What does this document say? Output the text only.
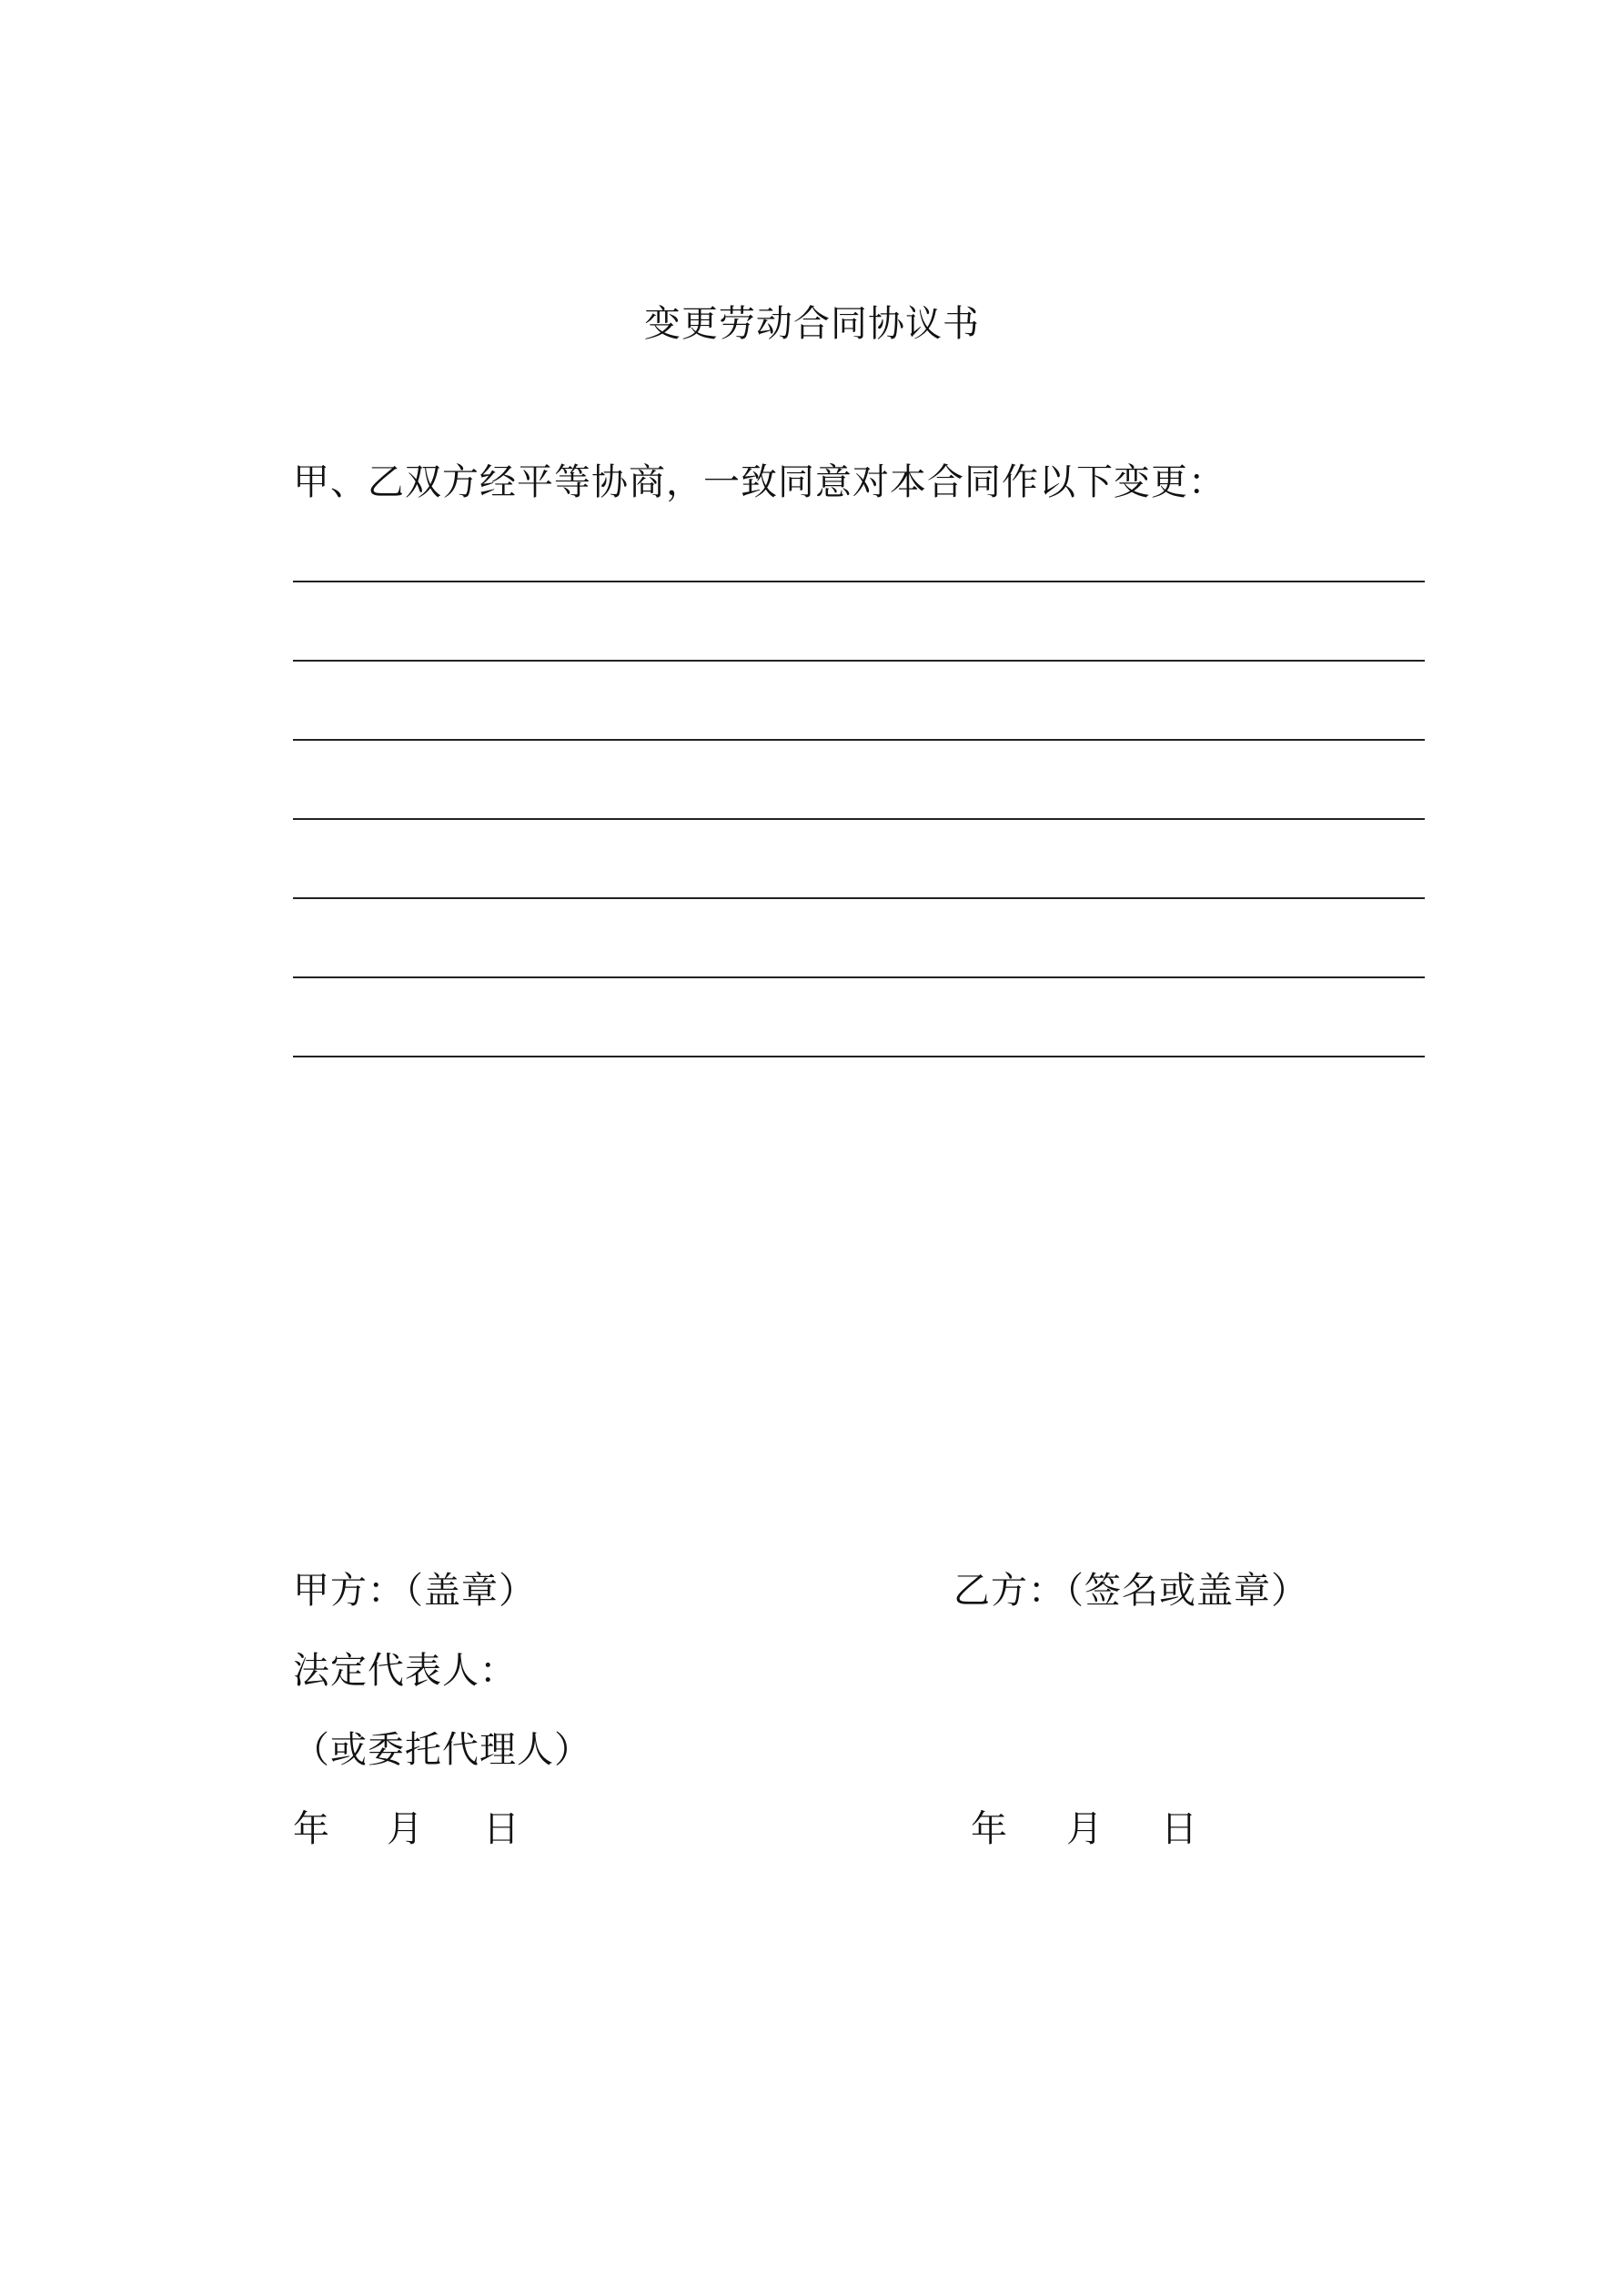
变更劳动合同协议书
甲、乙双方经平等协商，一致同意对本合同作以下变更：
甲方：（盖章）	乙方：（签名或盖章）
法定代表人：
（或委托代理人）
年 月 日	年 月 日
